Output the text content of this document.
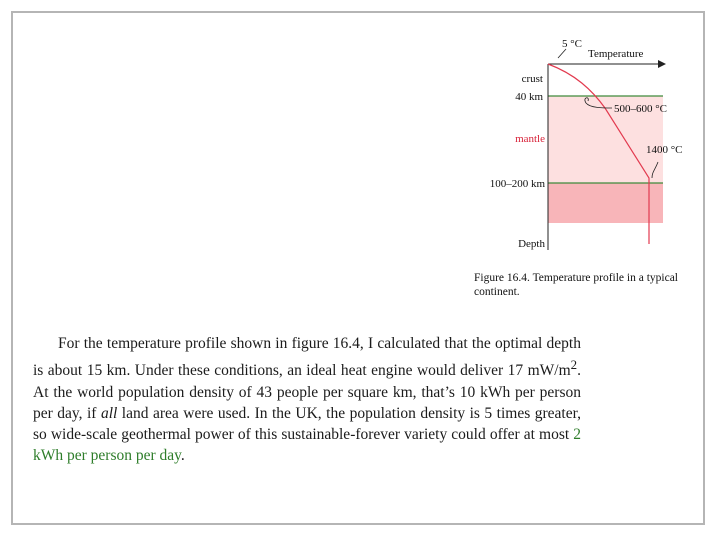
5 °C
Temperature
crust
40 km
mantle
100–200 km
Depth
500–600 °C
1400 °C

Figure 16.4. Temperature profile in a typical continent.

For the temperature profile shown in figure 16.4, I calculated that the optimal depth is about 15 km. Under these conditions, an ideal heat engine would deliver 17 $mW/m^2$. At the world population density of 43 people per square km, that’s 10 kWh per person per day, if all land area were used. In the UK, the population density is 5 times greater, so wide-scale geothermal power of this sustainable-forever variety could offer at most 2 kWh per person per day.
